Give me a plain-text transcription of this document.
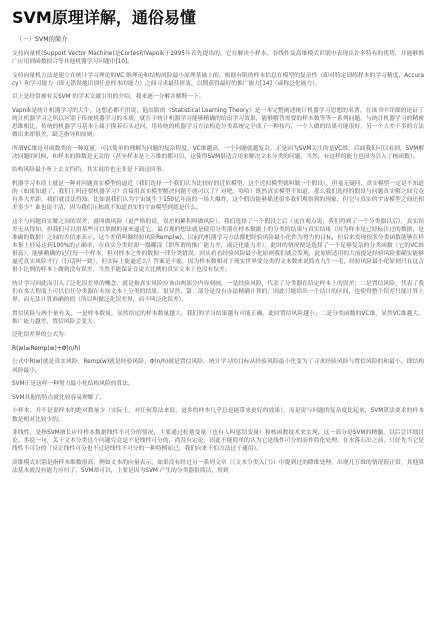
SVM原理详解，通俗易懂
（一）SVM的简介

支持向量机(Support Vector Machine)是Cortes和Vapnik于1995年首先提出的，它在解决小样本、非线性及高维模式识别中表现出许多特有的优势，并能够推广应用到函数拟合等其他机器学习问题中[10]。

支持向量机方法是建立在统计学习理论的VC 维理论和结构风险最小原理基础上的，根据有限的样本信息在模型的复杂性（即对特定训练样本的学习精度，Accuracy）和学习能力（即无错误地识别任意样本的能力）之间寻求最佳折衷，以期获得最好的推广能力[14]（或称泛化能力）。

以上是经常被有关SVM 的学术文献引用的介绍，我来逐一分解并解释一下。

Vapnik是统计机器学习的大牛，这想必都不用说，他出版的《Statistical Learning Theory》是一本完整阐述统计机器学习思想的名著。在该书中详细的论证了统计机器学习之所以区别于传统机器学习的本质，就在于统计机器学习能够精确的给出学习效果，能够解答需要的样本数等等一系列问题。与统计机器学习的精密思维相比，传统的机器学习基本上属于摸着石头过河，用传统的机器学习方法构造分类系统完全成了一种技巧，一个人做的结果可能很好，另一个人差不多的方法做出来却很差，缺乏指导和原则。

所谓VC维是对函数类的一种度量，可以简单的理解为问题的复杂程度，VC维越高，一个问题就越复杂。正是因为SVM关注的是VC维，后面我们可以看到，SVM解决问题的时候，和样本的维数是无关的（甚至样本是上万维的都可以，这使得SVM很适合用来解决文本分类的问题，当然，有这样的能力也因为引入了核函数）。

结构风险最小听上去文绉绉，其实说的也无非是下面这回事。

机器学习本质上就是一种对问题真实模型的逼近（我们选择一个我们认为比较好的近似模型，这个近似模型就叫做一个假设），但毫无疑问，真实模型一定是不知道的（如果知道了，我们干吗还要机器学习？直接用真实模型解决问题不就可以了？对吧，哈哈）既然真实模型不知道，那么我们选择的假设与问题真实解之间究竟有多大差距，我们就没法得知。比如说我们认为宇宙诞生于150亿年前的一场大爆炸，这个假设能够描述很多我们观察到的现象，但它与真实的宇宙模型之间还相差多少？谁也说不清，因为我们压根就不知道真实的宇宙模型到底是什么。

这个与问题真实解之间的误差，就叫做风险（更严格的说，误差的累积叫做风险）。我们选择了一个假设之后（更直观点说，我们得到了一个分类器以后），真实误差无从得知，但我们可以用某些可以掌握的量来逼近它。最直观的想法就是使用分类器在样本数据上的分类的结果与真实结果（因为样本是已经标注过的数据，是准确的数据）之间的差值来表示。这个差值叫做经验风险Remp(w)。以前的机器学习方法都把经验风险最小化作为努力的目标，但后来发现很多分类函数能够在样本集上轻易达到100%的正确率，在真实分类时却一塌糊涂（即所谓的推广能力差，或泛化能力差）。此时的情况便是选择了一个足够复杂的分类函数（它的VC维很高），能够精确的记住每一个样本，但对样本之外的数据一律分类错误。回头看看经验风险最小化原则我们就会发现，此原则适用的大前提是经验风险要确实能够逼近真实风险才行（行话叫一致），但实际上能逼近么？答案是不能，因为样本数相对于现实世界要分类的文本数来说简直九牛一毛，经验风险最小化原则只在这占很小比例的样本上做到没有误差，当然不能保证在更大比例的真实文本上也没有误差。

统计学习因此而引入了泛化误差界的概念，就是指真实风险应该由两部分内容刻画，一是经验风险，代表了分类器在给定样本上的误差；二是置信风险，代表了我们在多大程度上可以信任分类器在未知文本上分类的结果。很显然，第二部分是没有办法精确计算的，因此只能给出一个估计的区间，也使得整个误差只能计算上界，而无法计算准确的值（所以叫做泛化误差界，而不叫泛化误差）。

置信风险与两个量有关，一是样本数量，显然给定的样本数量越大，我们的学习结果越有可能正确，此时置信风险越小；二是分类函数的VC维，显然VC维越大，推广能力越差，置信风险会变大。

泛化误差界的公式为：

R(w)≤Remp(w)+Φ(n/h)

公式中R(w)就是真实风险，Remp(w)就是经验风险，Φ(n/h)就是置信风险。统计学习的目标从经验风险最小化变为了寻求经验风险与置信风险的和最小，即结构风险最小。

SVM正是这样一种努力最小化结构风险的算法。

SVM其他的特点就比较容易理解了。

小样本，并不是说样本的绝对数量少（实际上，对任何算法来说，更多的样本几乎总是能带来更好的效果），而是说与问题的复杂度比起来，SVM算法要求的样本数是相对比较少的。

非线性，是指SVM擅长应付样本数据线性不可分的情况，主要通过松弛变量（也有人叫惩罚变量）和核函数技术来实现，这一部分是SVM的精髓，以后会详细讨论。多说一句，关于文本分类这个问题究竟是不是线性可分的，尚没有定论，因此不能简单的认为它是线性可分的而作简化处理，在水落石出之前，只好先当它是线性不可分的（反正线性可分也不过是线性不可分的一种特例而已，我们向来不怕方法过于通用）。

高维模式识别是指样本维数很高，例如文本的向量表示，如果没有经过另一系列文章（《文本分类入门》）中提到过的降维处理，出现几万维的情况很正常，其他算法基本就没有能力应付了，SVM却可以，主要是因为SVM 产生的分类器很简洁，用到
